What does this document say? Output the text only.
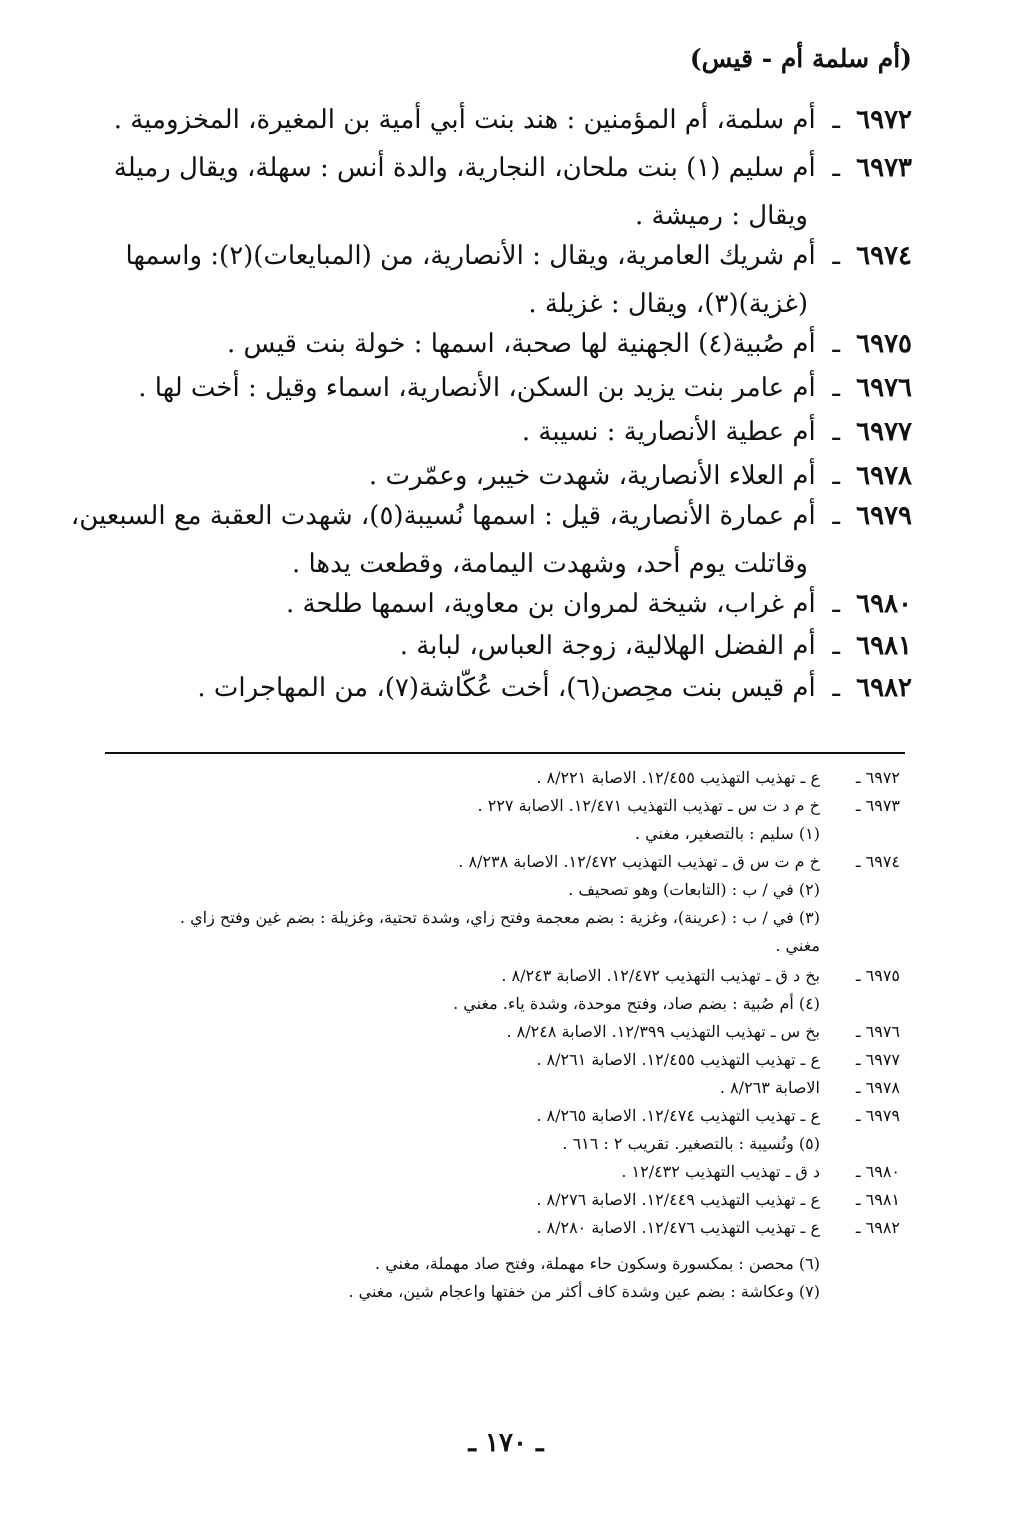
(أم سلمة أم - قيس)
٦٩٧٢ـ أم سلمة، أم المؤمنين : هند بنت أبي أمية بن المغيرة، المخزومية .
٦٩٧٣ـ أم سليم (١) بنت ملحان، النجارية، والدة أنس : سهلة، ويقال رميلة
ويقال : رميشة .
٦٩٧٤ـ أم شريك العامرية، ويقال : الأنصارية، من (المبايعات)(٢): واسمها
(غزية)(٣)، ويقال : غزيلة .
٦٩٧٥ـ أم صُبية(٤) الجهنية لها صحبة، اسمها : خولة بنت قيس .
٦٩٧٦ـ أم عامر بنت يزيد بن السكن، الأنصارية، اسماء وقيل : أخت لها .
٦٩٧٧ـ أم عطية الأنصارية : نسيبة .
٦٩٧٨ـ أم العلاء الأنصارية، شهدت خيبر، وعمّرت .
٦٩٧٩ـ أم عمارة الأنصارية، قيل : اسمها نُسيبة(٥)، شهدت العقبة مع السبعين،
وقاتلت يوم أحد، وشهدت اليمامة، وقطعت يدها .
٦٩٨٠ـ أم غراب، شيخة لمروان بن معاوية، اسمها طلحة .
٦٩٨١ـ أم الفضل الهلالية، زوجة العباس، لبابة .
٦٩٨٢ـ أم قيس بنت محِصن(٦)، أخت عُكّاشة(٧)، من المهاجرات .
٦٩٧٢ ـع ـ تهذيب التهذيب ١٢/٤٥٥. الاصابة ٨/٢٢١ .
٦٩٧٣ ـخ م د ت س ـ تهذيب التهذيب ١٢/٤٧١. الاصابة ٢٢٧ .
(١) سليم : بالتصغير، مغني .
٦٩٧٤ ـخ م ت س ق ـ تهذيب التهذيب ١٢/٤٧٢. الاصابة ٨/٢٣٨ .
(٢) في / ب : (التابعات) وهو تصحيف .
(٣) في / ب : (عرينة)، وغزية : بضم معجمة وفتح زاي، وشدة تحتية، وغزيلة : بضم غين وفتح زاي .
مغني .
٦٩٧٥ ـبخ د ق ـ تهذيب التهذيب ١٢/٤٧٢. الاصابة ٨/٢٤٣ .
(٤) أم صُبية : بضم صاد، وفتح موحدة، وشدة ياء. مغني .
٦٩٧٦ ـبخ س ـ تهذيب التهذيب ١٢/٣٩٩. الاصابة ٨/٢٤٨ .
٦٩٧٧ ـع ـ تهذيب التهذيب ١٢/٤٥٥. الاصابة ٨/٢٦١ .
٦٩٧٨ ـالاصابة ٨/٢٦٣ .
٦٩٧٩ ـع ـ تهذيب التهذيب ١٢/٤٧٤. الاصابة ٨/٢٦٥ .
(٥) ونُسيبة : بالتصغير. تقريب ٢ : ٦١٦ .
٦٩٨٠ ـد ق ـ تهذيب التهذيب ١٢/٤٣٢ .
٦٩٨١ ـع ـ تهذيب التهذيب ١٢/٤٤٩. الاصابة ٨/٢٧٦ .
٦٩٨٢ ـع ـ تهذيب التهذيب ١٢/٤٧٦. الاصابة ٨/٢٨٠ .
(٦) محصن : بمكسورة وسكون حاء مهملة، وفتح صاد مهملة، مغني .
(٧) وعكاشة : بضم عين وشدة كاف أكثر من خفتها واعجام شين، مغني .
ـ ١٧٠ ـ
